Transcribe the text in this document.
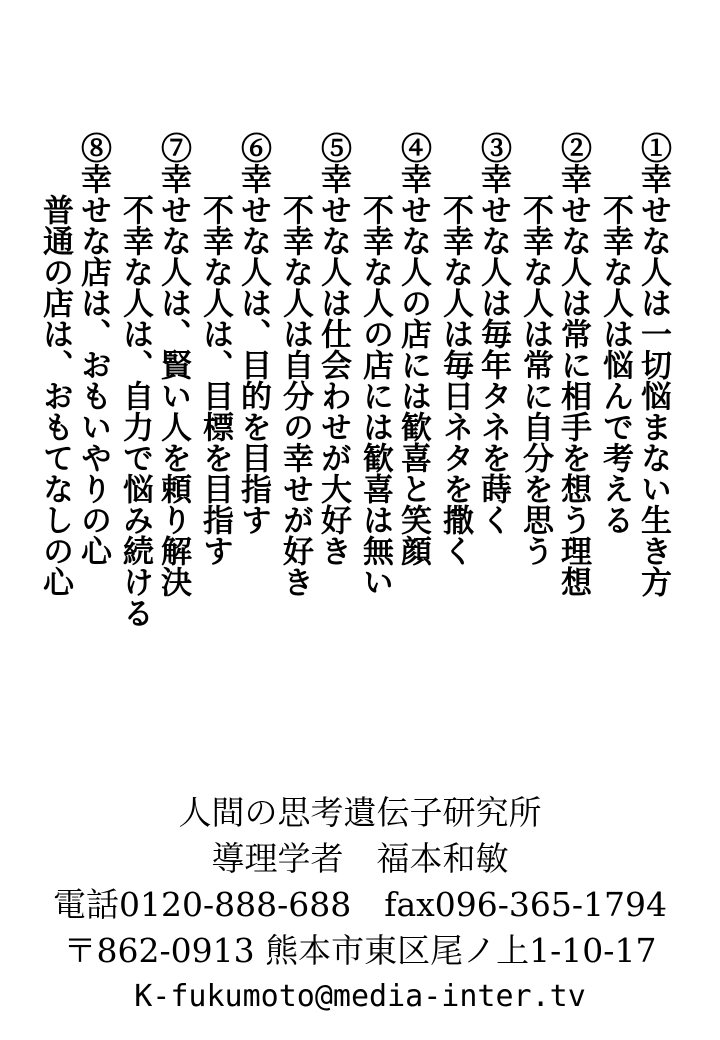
①幸せな人は一切悩まない生き方
不幸な人は悩んで考える
②幸せな人は常に相手を想う理想
不幸な人は常に自分を思う
③幸せな人は毎年タネを蒔く
不幸な人は毎日ネタを撒く
④幸せな人の店には歓喜と笑顔
不幸な人の店には歓喜は無い
⑤幸せな人は仕会わせが大好き
不幸な人は自分の幸せが好き
⑥幸せな人は、目的を目指す
不幸な人は、目標を目指す
⑦幸せな人は、賢い人を頼り解決
不幸な人は、自力で悩み続ける
⑧幸せな店は、おもいやりの心
普通の店は、おもてなしの心
人間の思考遺伝子研究所
導理学者　福本和敏
電話0120-888-688　fax096-365-1794
〒862-0913 熊本市東区尾ノ上1-10-17
K-fukumoto@media-inter.tv
